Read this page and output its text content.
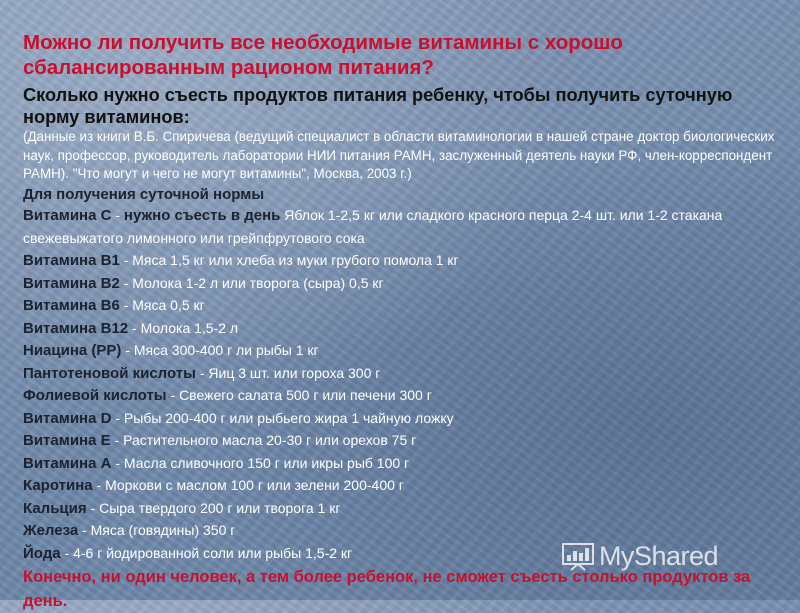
Можно ли получить все необходимые витамины с хорошо сбалансированным рационом питания?

Сколько нужно съесть продуктов питания ребенку, чтобы получить суточную норму витаминов:

(Данные из книги В.Б. Спиричева (ведущий специалист в области витаминологии в нашей стране доктор биологических наук, профессор, руководитель лаборатории НИИ питания РАМН, заслуженный деятель науки РФ, член-корреспондент РАМН). "Что могут и чего не могут витамины", Москва, 2003 г.)

Для получения суточной нормы
Витамина С - нужно съесть в день Яблок 1-2,5 кг или сладкого красного перца 2-4 шт. или 1-2 стакана свежевыжатого лимонного или грейпфрутового сока
Витамина В1 - Мяса 1,5 кг или хлеба из муки грубого помола 1 кг
Витамина В2 - Молока 1-2 л или творога (сыра) 0,5 кг
Витамина В6 - Мяса 0,5 кг
Витамина В12 - Молока 1,5-2 л
Ниацина (РР) - Мяса 300-400 г ли рыбы 1 кг
Пантотеновой кислоты - Яиц 3 шт. или гороха 300 г
Фолиевой кислоты - Свежего салата 500 г или печени 300 г
Витамина D - Рыбы 200-400 г или рыбьего жира 1 чайную ложку
Витамина Е - Растительного масла 20-30 г или орехов 75 г
Витамина А - Масла сливочного 150 г или икры рыб 100 г
Каротина - Моркови с маслом 100 г или зелени 200-400 г
Кальция - Сыра твердого 200 г или творога 1 кг
Железа - Мяса (говядины) 350 г
Йода - 4-6 г йодированной соли или рыбы 1,5-2 кг
Конечно, ни один человек, а тем более ребенок, не сможет съесть столько продуктов за день.
MyShared
